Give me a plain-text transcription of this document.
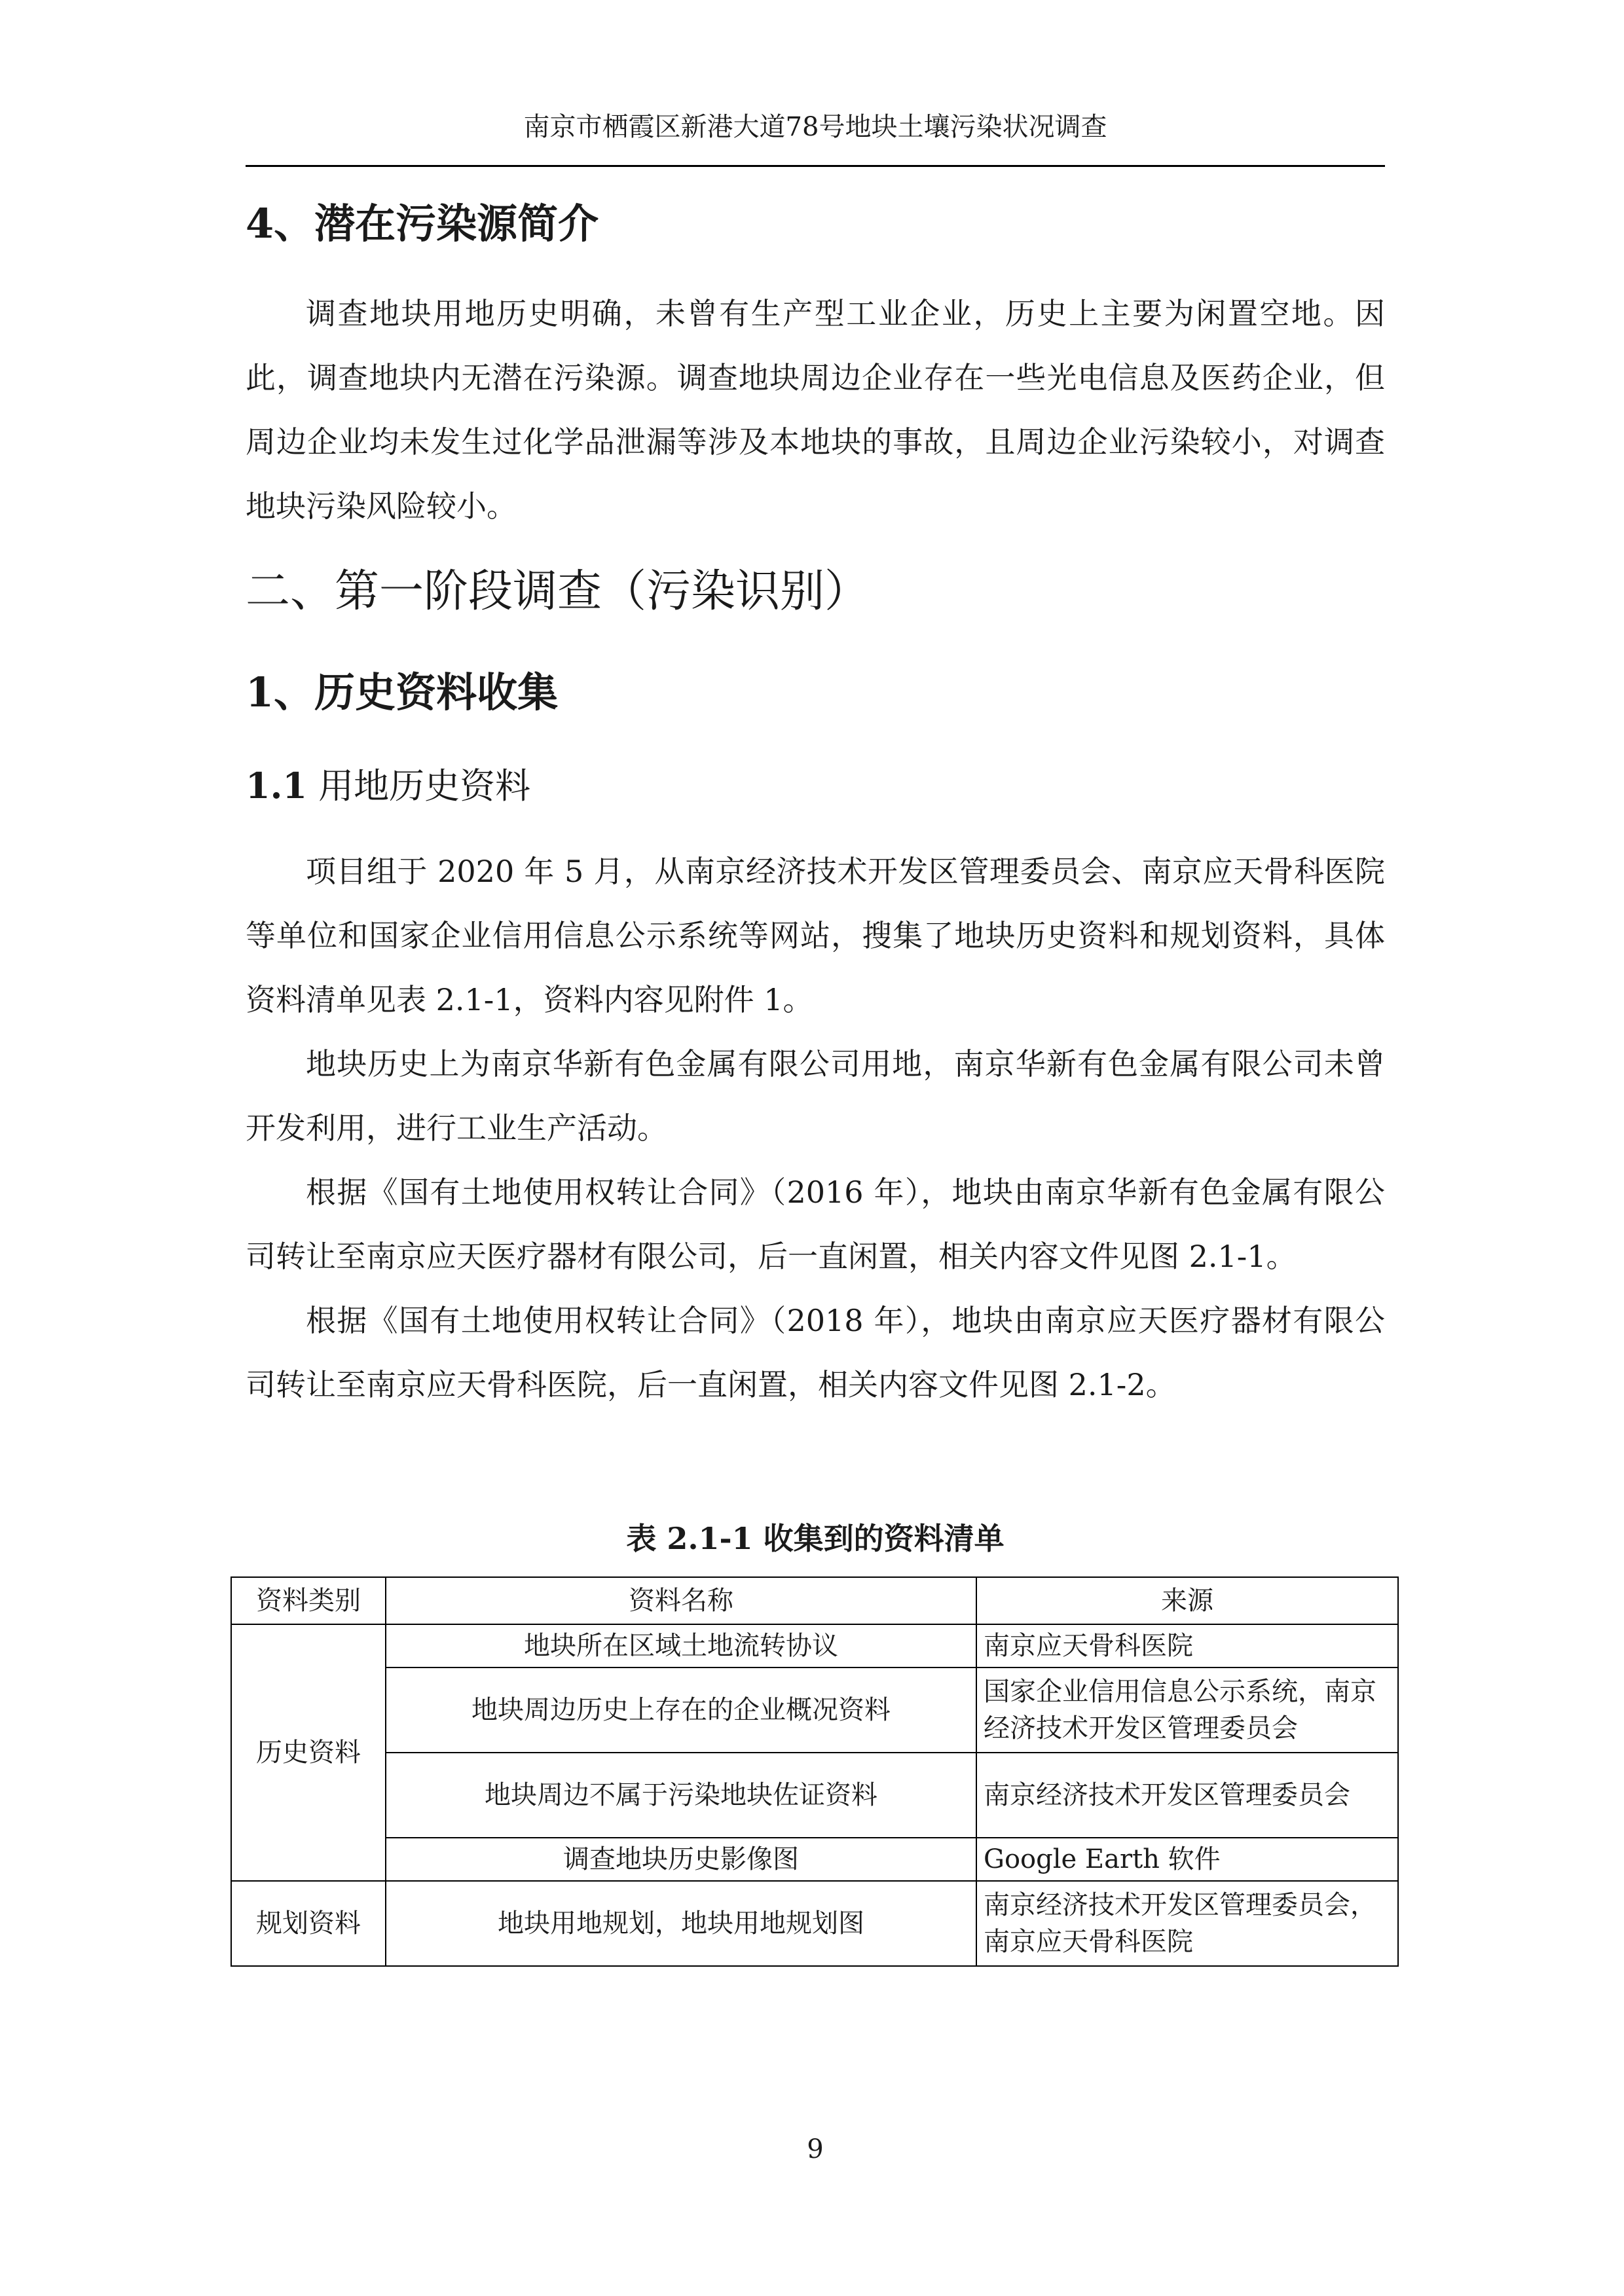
南京市栖霞区新港大道78号地块土壤污染状况调查
4、潜在污染源简介

调查地块用地历史明确，未曾有生产型工业企业，历史上主要为闲置空地。因此，调查地块内无潜在污染源。调查地块周边企业存在一些光电信息及医药企业，但周边企业均未发生过化学品泄漏等涉及本地块的事故，且周边企业污染较小，对调查地块污染风险较小。

二、第一阶段调查（污染识别）
1、历史资料收集
1.1 用地历史资料

项目组于 2020 年 5 月，从南京经济技术开发区管理委员会、南京应天骨科医院等单位和国家企业信用信息公示系统等网站，搜集了地块历史资料和规划资料，具体资料清单见表 2.1-1，资料内容见附件 1。

地块历史上为南京华新有色金属有限公司用地，南京华新有色金属有限公司未曾开发利用，进行工业生产活动。

根据《国有土地使用权转让合同》（2016 年），地块由南京华新有色金属有限公司转让至南京应天医疗器材有限公司，后一直闲置，相关内容文件见图 2.1-1。

根据《国有土地使用权转让合同》（2018 年），地块由南京应天医疗器材有限公司转让至南京应天骨科医院，后一直闲置，相关内容文件见图 2.1-2。

表 2.1-1 收集到的资料清单
资料类别	资料名称	来源
历史资料	地块所在区域土地流转协议	南京应天骨科医院
	地块周边历史上存在的企业概况资料	国家企业信用信息公示系统，南京经济技术开发区管理委员会
	地块周边不属于污染地块佐证资料	南京经济技术开发区管理委员会
	调查地块历史影像图	Google Earth 软件
规划资料	地块用地规划，地块用地规划图	南京经济技术开发区管理委员会，南京应天骨科医院
9
